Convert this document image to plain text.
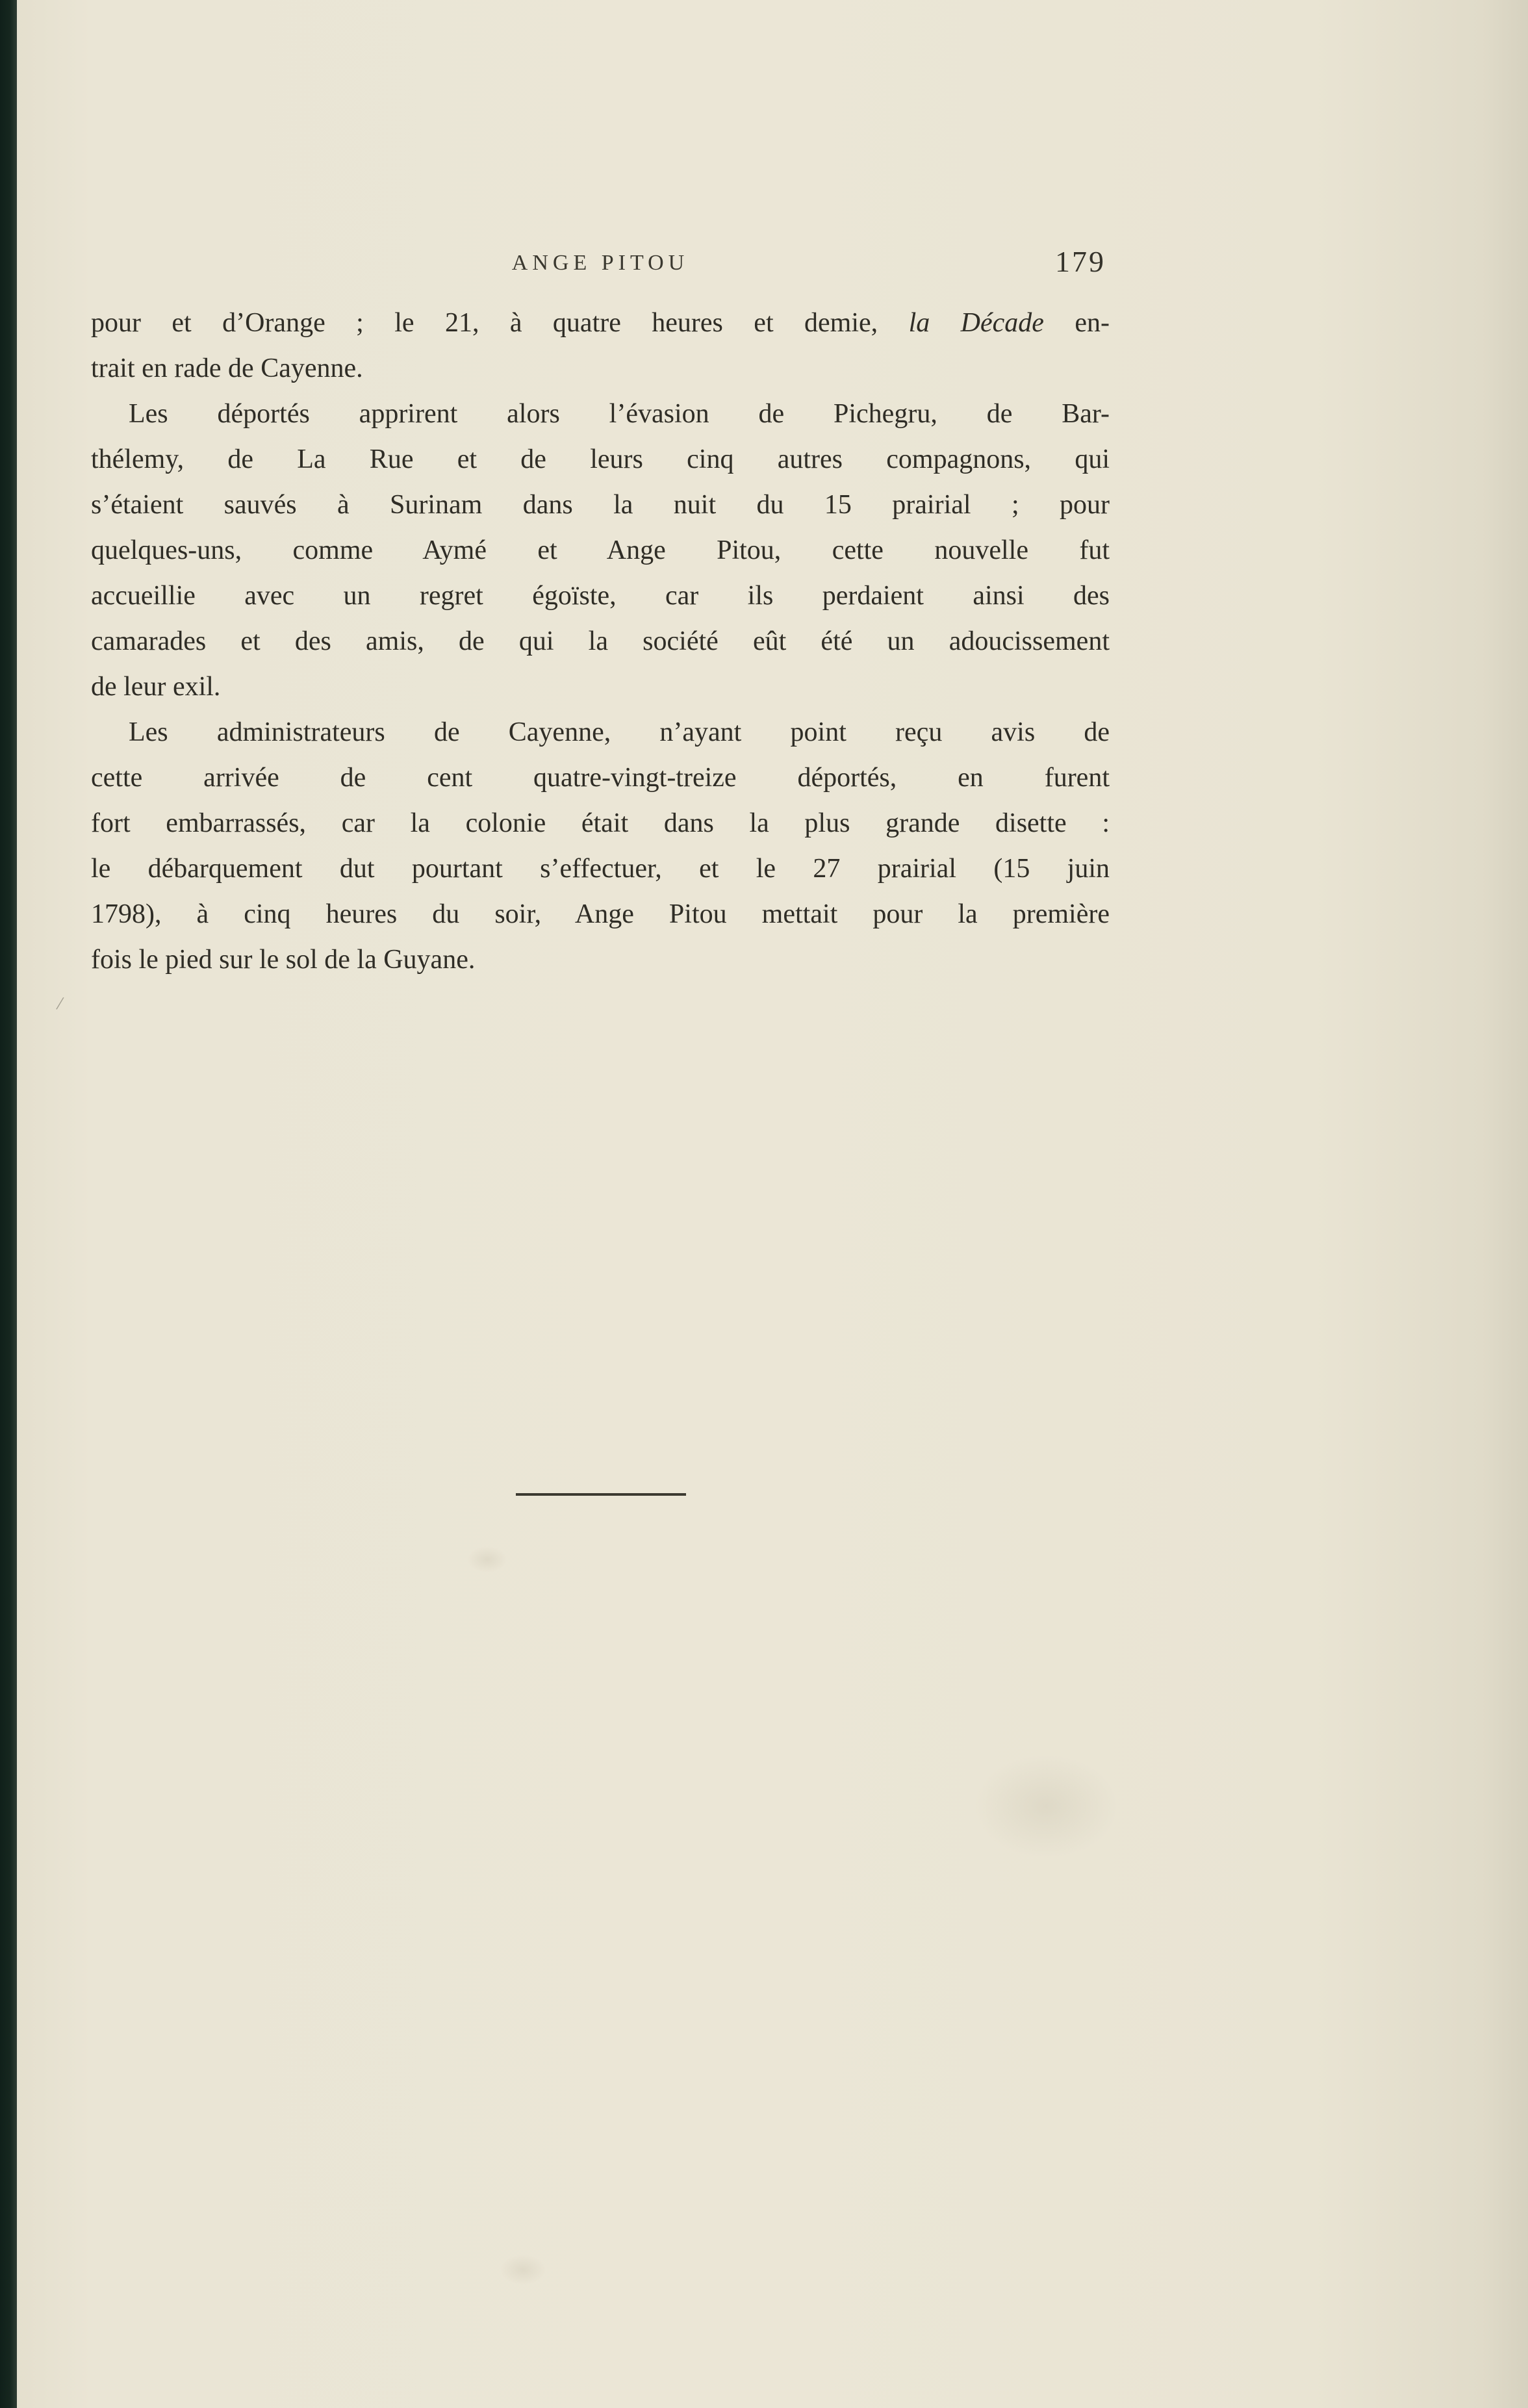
ANGE PITOU	179
pour et d’Orange ; le 21, à quatre heures et demie, la Décade en-
trait en rade de Cayenne.
Les déportés apprirent alors l’évasion de Pichegru, de Bar-
thélemy, de La Rue et de leurs cinq autres compagnons, qui
s’étaient sauvés à Surinam dans la nuit du 15 prairial ; pour
quelques-uns, comme Aymé et Ange Pitou, cette nouvelle fut
accueillie avec un regret égoïste, car ils perdaient ainsi des
camarades et des amis, de qui la société eût été un adoucissement
de leur exil.
Les administrateurs de Cayenne, n’ayant point reçu avis de
cette arrivée de cent quatre-vingt-treize déportés, en furent
fort embarrassés, car la colonie était dans la plus grande disette :
le débarquement dut pourtant s’effectuer, et le 27 prairial (15 juin
1798), à cinq heures du soir, Ange Pitou mettait pour la première
fois le pied sur le sol de la Guyane.
/
